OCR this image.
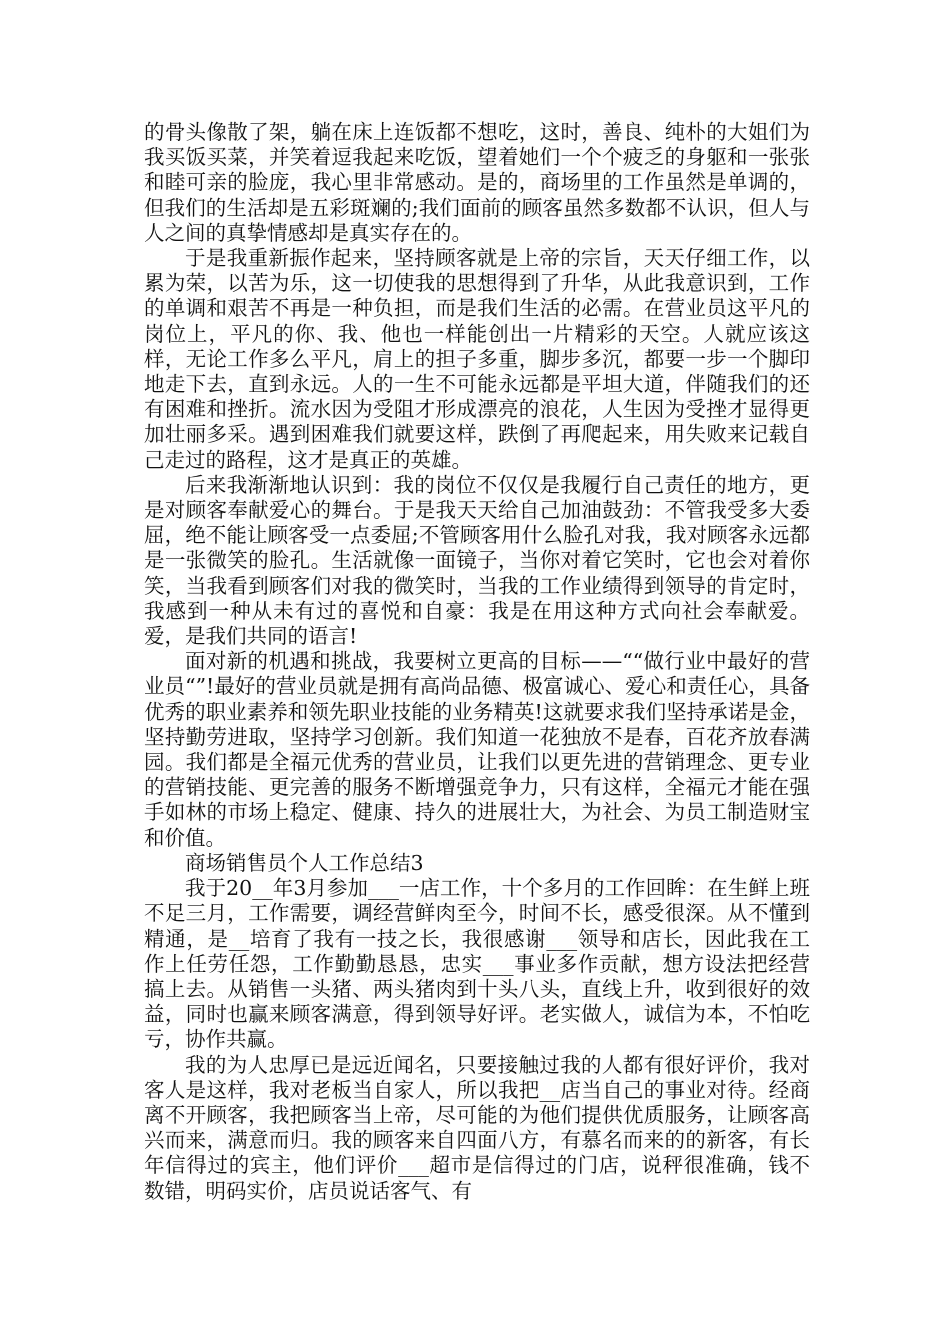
的骨头像散了架，躺在床上连饭都不想吃，这时，善良、纯朴的大姐们为我买饭买菜，并笑着逗我起来吃饭，望着她们一个个疲乏的身躯和一张张和睦可亲的脸庞，我心里非常感动。是的，商场里的工作虽然是单调的，但我们的生活却是五彩斑斓的;我们面前的顾客虽然多数都不认识，但人与人之间的真挚情感却是真实存在的。

于是我重新振作起来，坚持顾客就是上帝的宗旨，天天仔细工作，以累为荣，以苦为乐，这一切使我的思想得到了升华，从此我意识到，工作的单调和艰苦不再是一种负担，而是我们生活的必需。在营业员这平凡的岗位上，平凡的你、我、他也一样能创出一片精彩的天空。人就应该这样，无论工作多么平凡，肩上的担子多重，脚步多沉，都要一步一个脚印地走下去，直到永远。人的一生不可能永远都是平坦大道，伴随我们的还有困难和挫折。流水因为受阻才形成漂亮的浪花，人生因为受挫才显得更加壮丽多采。遇到困难我们就要这样，跌倒了再爬起来，用失败来记载自己走过的路程，这才是真正的英雄。

后来我渐渐地认识到：我的岗位不仅仅是我履行自己责任的地方，更是对顾客奉献爱心的舞台。于是我天天给自己加油鼓劲：不管我受多大委屈，绝不能让顾客受一点委屈;不管顾客用什么脸孔对我，我对顾客永远都是一张微笑的脸孔。生活就像一面镜子，当你对着它笑时，它也会对着你笑，当我看到顾客们对我的微笑时，当我的工作业绩得到领导的肯定时，我感到一种从未有过的喜悦和自豪：我是在用这种方式向社会奉献爱。爱，是我们共同的语言!

面对新的机遇和挑战，我要树立更高的目标——““做行业中最好的营业员“”!最好的营业员就是拥有高尚品德、极富诚心、爱心和责任心，具备优秀的职业素养和领先职业技能的业务精英!这就要求我们坚持承诺是金，坚持勤劳进取，坚持学习创新。我们知道一花独放不是春，百花齐放春满园。我们都是全福元优秀的营业员，让我们以更先进的营销理念、更专业的营销技能、更完善的服务不断增强竞争力，只有这样，全福元才能在强手如林的市场上稳定、健康、持久的进展壮大，为社会、为员工制造财宝和价值。

商场销售员个人工作总结3

我于20__年3月参加___一店工作，十个多月的工作回眸：在生鲜上班不足三月，工作需要，调经营鲜肉至今，时间不长，感受很深。从不懂到精通，是__培育了我有一技之长，我很感谢___领导和店长，因此我在工作上任劳任怨，工作勤勤恳恳，忠实___事业多作贡献，想方设法把经营搞上去。从销售一头猪、两头猪肉到十头八头，直线上升，收到很好的效益，同时也赢来顾客满意，得到领导好评。老实做人，诚信为本，不怕吃亏，协作共赢。

我的为人忠厚已是远近闻名，只要接触过我的人都有很好评价，我对客人是这样，我对老板当自家人，所以我把__店当自己的事业对待。经商离不开顾客，我把顾客当上帝，尽可能的为他们提供优质服务，让顾客高兴而来，满意而归。我的顾客来自四面八方，有慕名而来的的新客，有长年信得过的宾主，他们评价___超市是信得过的门店，说秤很准确，钱不数错，明码实价，店员说话客气、有
